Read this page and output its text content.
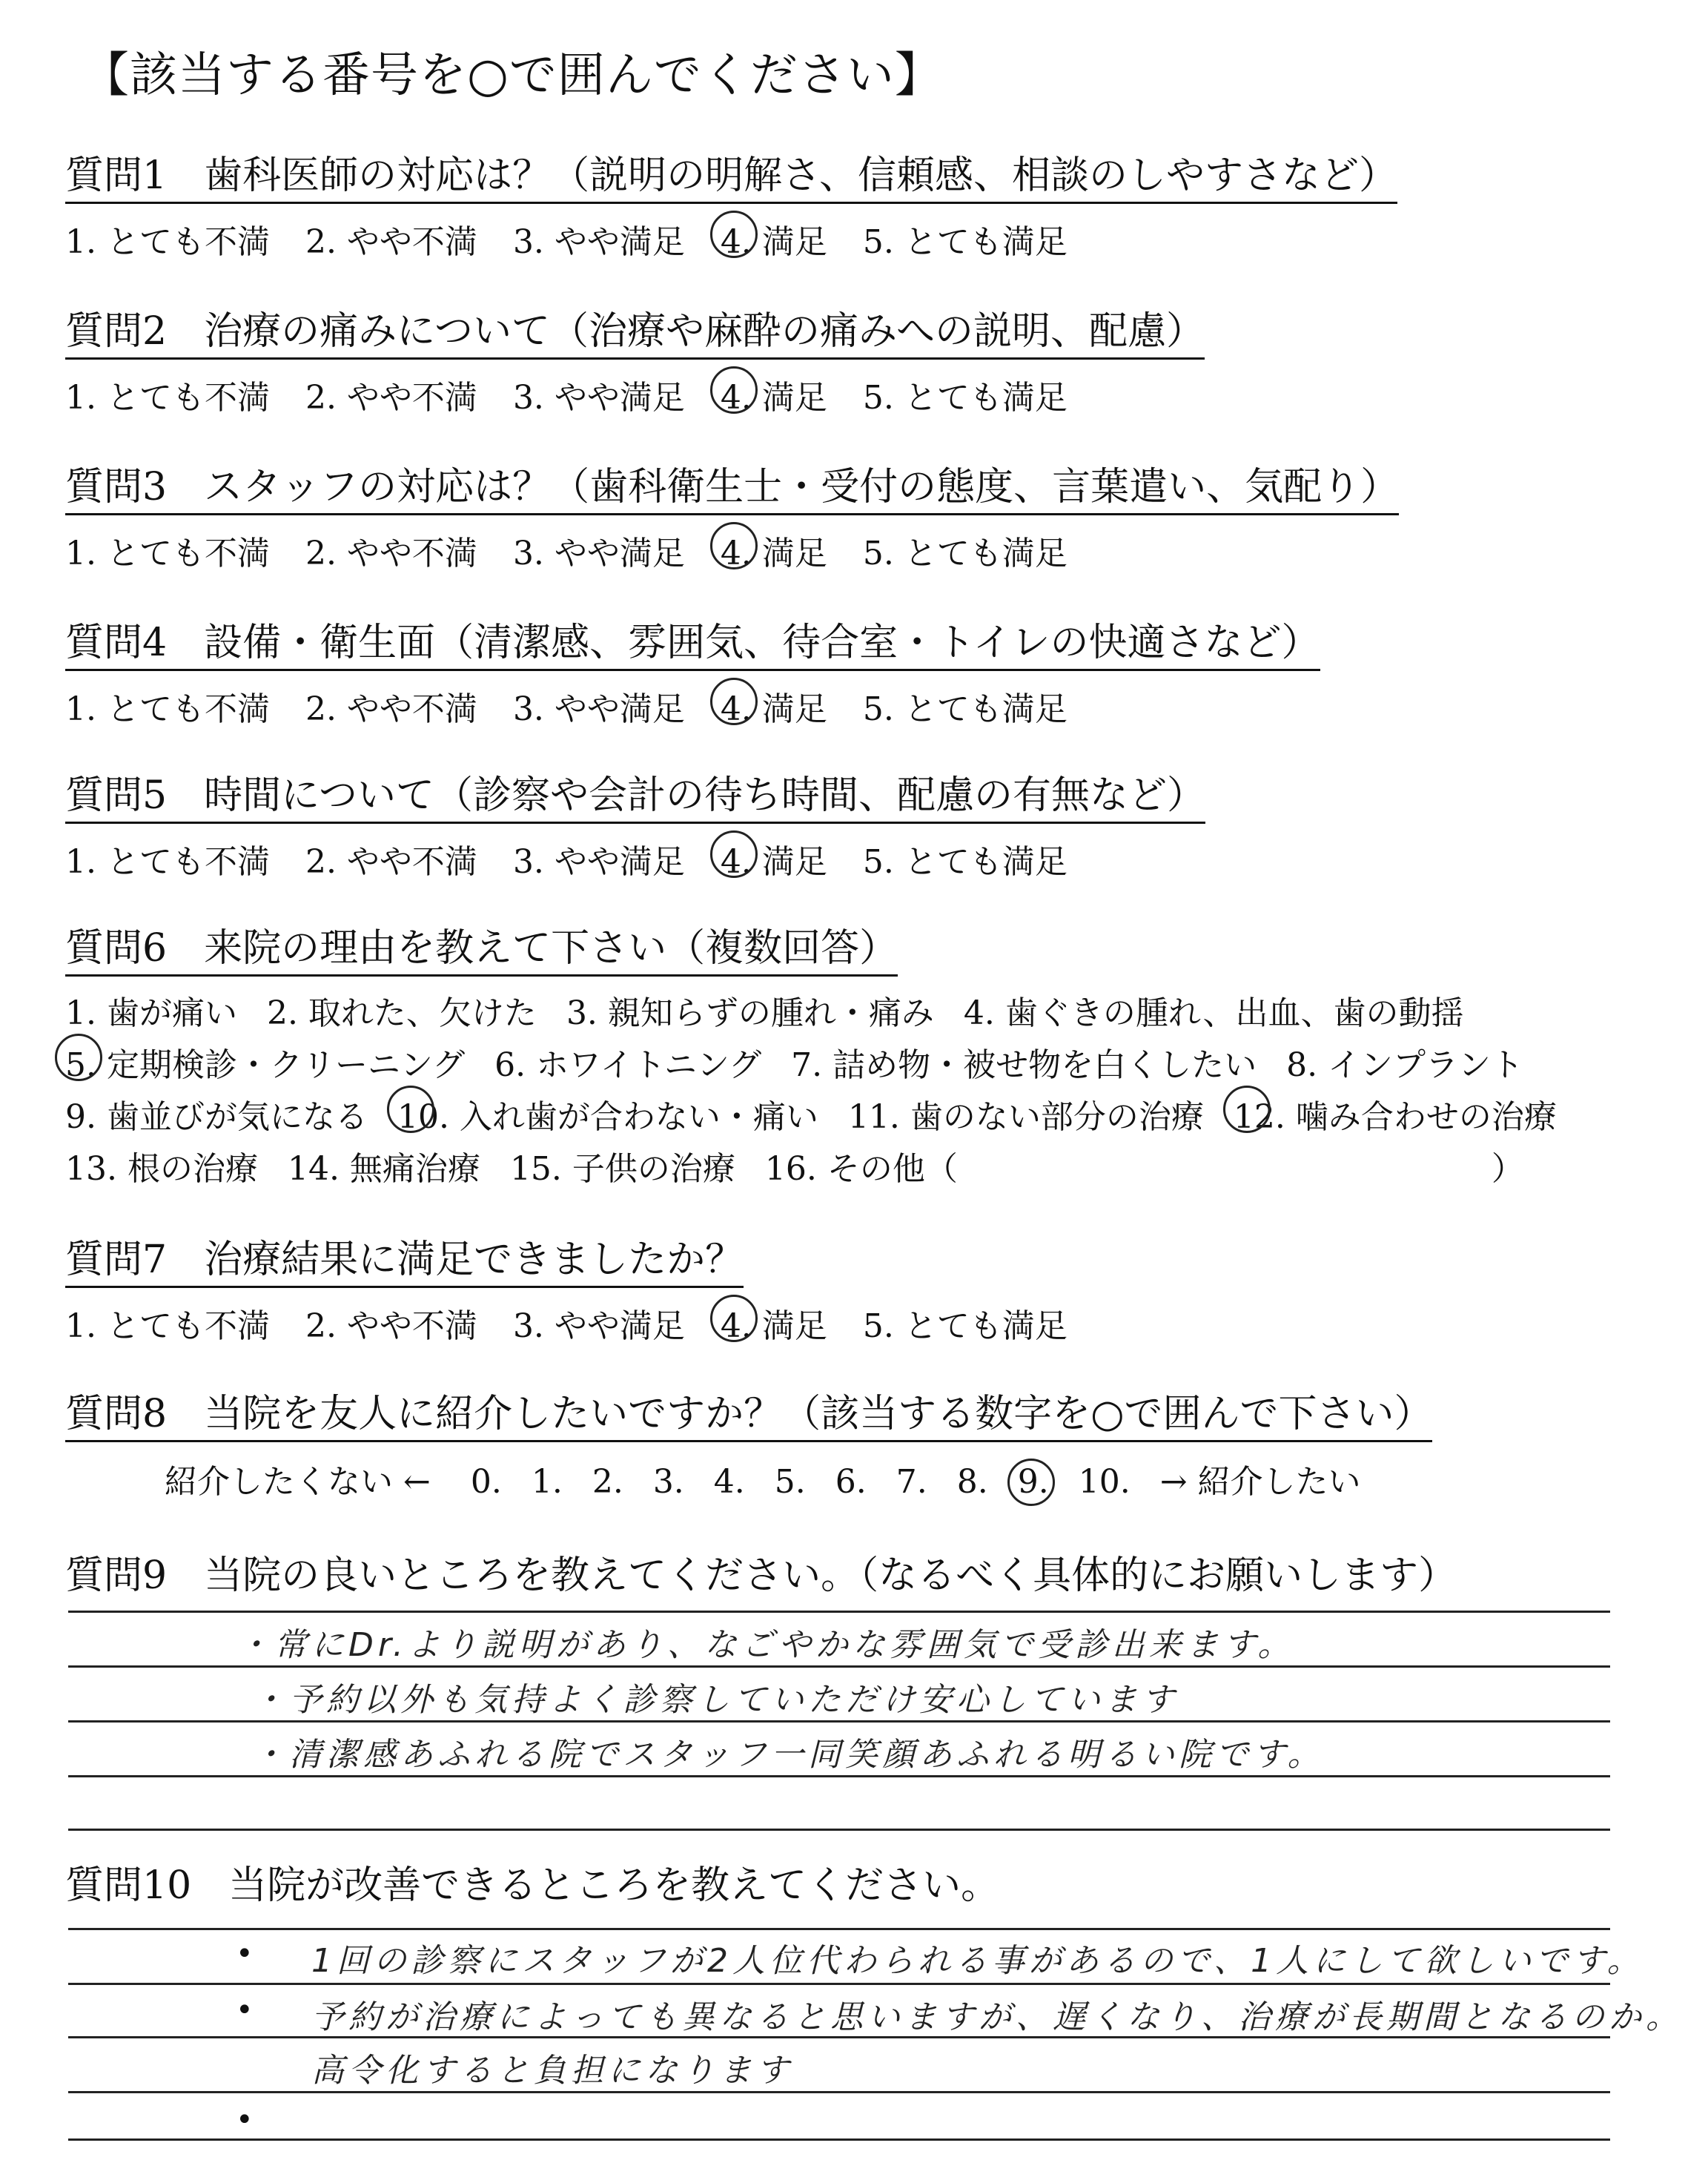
【該当する番号を○で囲んでください】
質問1 歯科医師の対応は？（説明の明解さ、信頼感、相談のしやすさなど）
1. とても不満 2. やや不満 3. やや満足 4. 満足 5. とても満足
質問2 治療の痛みについて（治療や麻酔の痛みへの説明、配慮）
1. とても不満 2. やや不満 3. やや満足 4. 満足 5. とても満足
質問3 スタッフの対応は？（歯科衛生士・受付の態度、言葉遣い、気配り）
1. とても不満 2. やや不満 3. やや満足 4. 満足 5. とても満足
質問4 設備・衛生面（清潔感、雰囲気、待合室・トイレの快適さなど）
1. とても不満 2. やや不満 3. やや満足 4. 満足 5. とても満足
質問5 時間について（診察や会計の待ち時間、配慮の有無など）
1. とても不満 2. やや不満 3. やや満足 4. 満足 5. とても満足
質問6 来院の理由を教えて下さい（複数回答）
1. 歯が痛い 2. 取れた、欠けた 3. 親知らずの腫れ・痛み 4. 歯ぐきの腫れ、出血、歯の動揺
5. 定期検診・クリーニング 6. ホワイトニング 7. 詰め物・被せ物を白くしたい 8. インプラント
9. 歯並びが気になる 10. 入れ歯が合わない・痛い 11. 歯のない部分の治療 12. 噛み合わせの治療
13. 根の治療 14. 無痛治療 15. 子供の治療 16. その他（	）
質問7 治療結果に満足できましたか？
1. とても不満 2. やや不満 3. やや満足 4. 満足 5. とても満足
質問8 当院を友人に紹介したいですか？（該当する数字を○で囲んで下さい）
紹介したくない ← 0. 1. 2. 3. 4. 5. 6. 7. 8. 9. 10. → 紹介したい
質問9 当院の良いところを教えてください。（なるべく具体的にお願いします）
・常にDr.より説明があり、なごやかな雰囲気で受診出来ます。
・予約以外も気持よく診察していただけ安心しています
・清潔感あふれる院でスタッフ一同笑顔あふれる明るい院です。
質問10 当院が改善できるところを教えてください。
•
•
•
1回の診察にスタッフが2人位代わられる事があるので、1人にして欲しいです。
予約が治療によっても異なると思いますが、遅くなり、治療が長期間となるのか。
高令化すると負担になります
